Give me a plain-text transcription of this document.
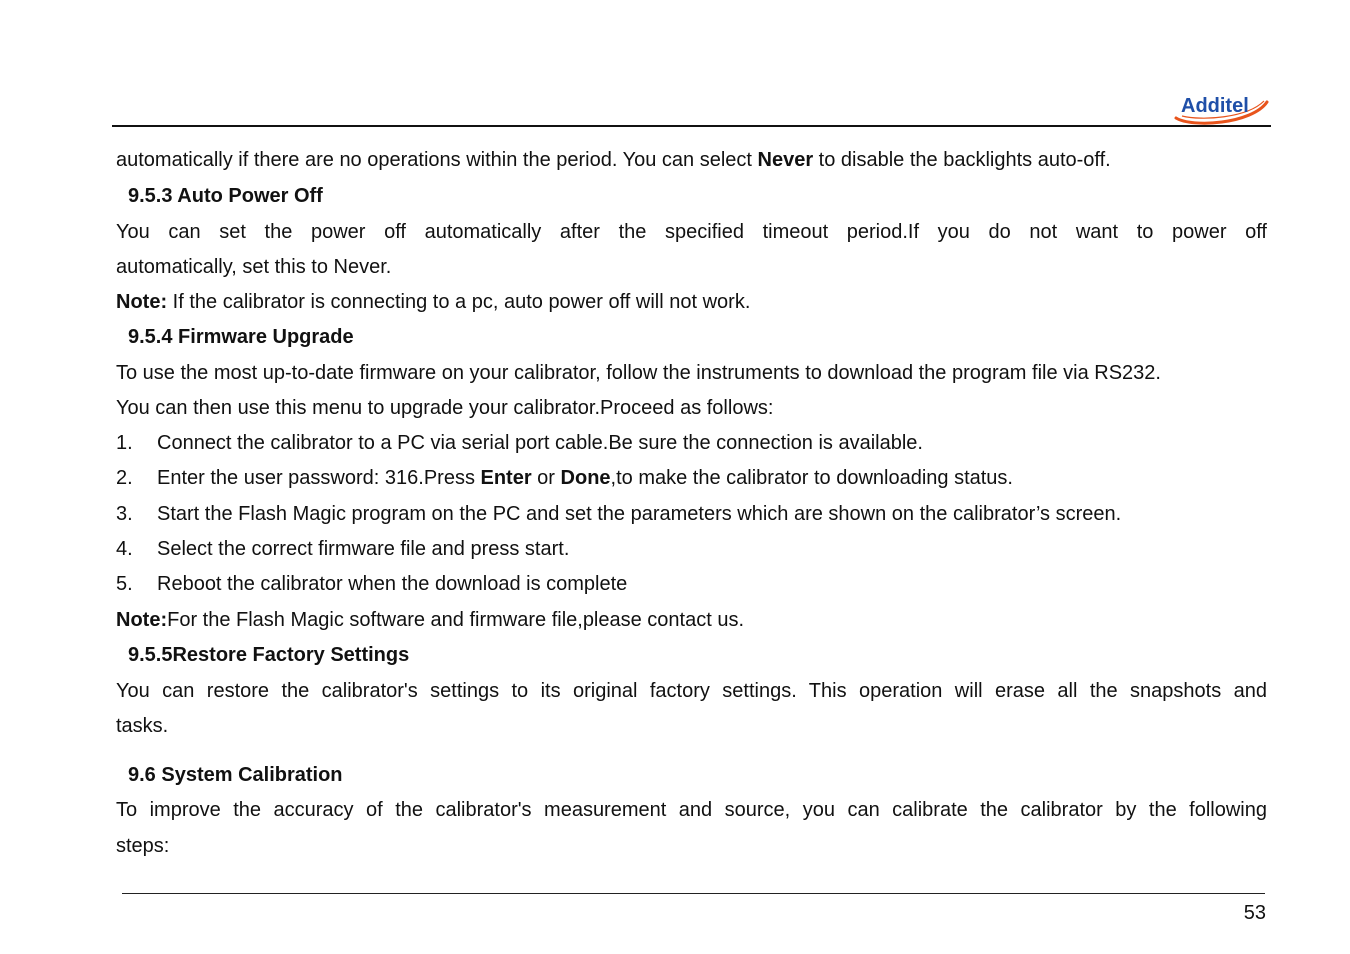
Additel
automatically if there are no operations within the period. You can select Never to disable the backlights auto-off.
9.5.3 Auto Power Off
You can set the power off automatically after the specified timeout period.If you do not want to power off
automatically, set this to Never.
Note: If the calibrator is connecting to a pc, auto power off will not work.
9.5.4 Firmware Upgrade
To use the most up-to-date firmware on your calibrator, follow the instruments to download the program file via RS232.
You can then use this menu to upgrade your calibrator.Proceed as follows:
1. Connect the calibrator to a PC via serial port cable.Be sure the connection is available.
2. Enter the user password: 316.Press Enter or Done,to make the calibrator to downloading status.
3. Start the Flash Magic program on the PC and set the parameters which are shown on the calibrator’s screen.
4. Select the correct firmware file and press start.
5. Reboot the calibrator when the download is complete
Note:For the Flash Magic software and firmware file,please contact us.
9.5.5Restore Factory Settings
You can restore the calibrator's settings to its original factory settings. This operation will erase all the snapshots and
tasks.
9.6 System Calibration
To improve the accuracy of the calibrator's measurement and source, you can calibrate the calibrator by the following
steps:
53
